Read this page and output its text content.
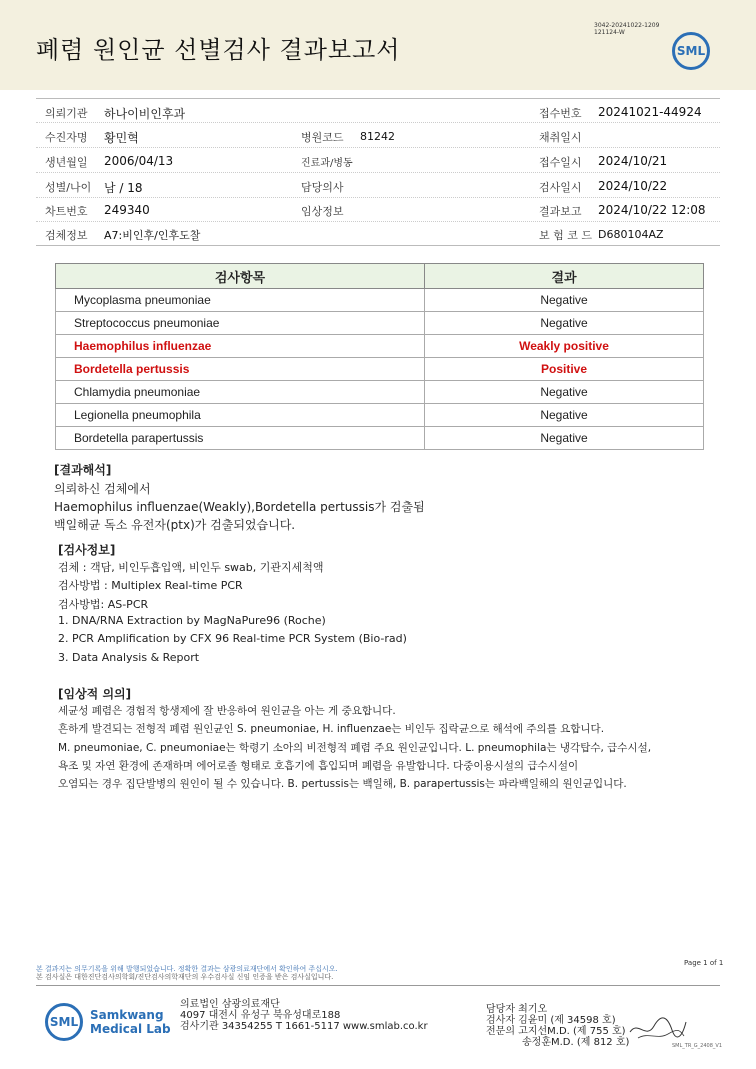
폐렴 원인균 선별검사 결과보고서
3042-20241022-1209
121124-W
SML
의뢰기관 하나이비인후과	접수번호 20241021-44924
수진자명 황민혁	병원코드 81242	채취일시
생년월일 2006/04/13	진료과/병동	접수일시 2024/10/21
성별/나이 남 / 18	담당의사	검사일시 2024/10/22
차트번호 249340	임상정보	결과보고 2024/10/22 12:08
검체정보 A7:비인후/인후도찰	보 험 코 드 D680104AZ
검사항목	결과
Mycoplasma pneumoniae	Negative
Streptococcus pneumoniae	Negative
Haemophilus influenzae	Weakly positive
Bordetella pertussis	Positive
Chlamydia pneumoniae	Negative
Legionella pneumophila	Negative
Bordetella parapertussis	Negative
[결과해석]
의뢰하신 검체에서
Haemophilus influenzae(Weakly),Bordetella pertussis가 검출됨
백일해균 독소 유전자(ptx)가 검출되었습니다.
[검사정보]
검체 : 객담, 비인두흡입액, 비인두 swab, 기관지세척액
검사방법 : Multiplex Real-time PCR
검사방법: AS-PCR
1. DNA/RNA Extraction by MagNaPure96 (Roche)
2. PCR Amplification by CFX 96 Real-time PCR System (Bio-rad)
3. Data Analysis & Report
[임상적 의의]
세균성 폐렴은 경험적 항생제에 잘 반응하여 원인균을 아는 게 중요합니다.
흔하게 발견되는 전형적 폐렴 원인균인 S. pneumoniae, H. influenzae는 비인두 집락균으로 해석에 주의를 요합니다.
M. pneumoniae, C. pneumoniae는 학령기 소아의 비전형적 폐렴 주요 원인균입니다. L. pneumophila는 냉각탑수, 급수시설,
욕조 및 자연 환경에 존재하며 에어로졸 형태로 호흡기에 흡입되며 폐렴을 유발합니다. 다중이용시설의 급수시설이
오염되는 경우 집단발병의 원인이 될 수 있습니다. B. pertussis는 백일해, B. parapertussis는 파라백일해의 원인균입니다.
본 결과지는 의무기록을 위해 발행되었습니다. 정확한 결과는 삼광의료재단에서 확인하여 주십시오.
본 검사실은 대한진단검사의학회/진단검사의학재단의 우수검사실 신임 인증을 받은 검사실입니다.
Page 1 of 1
SML Samkwang
Medical Lab
의료법인 삼광의료재단
4097 대전시 유성구 북유성대로188
검사기관 34354255 T 1661-5117 www.smlab.co.kr
담당자 최기오
검사자 김윤미 (제 34598 호)
전문의 고지선M.D. (제 755 호)
송정훈M.D. (제 812 호)	SML_TR_G_2408_V1
